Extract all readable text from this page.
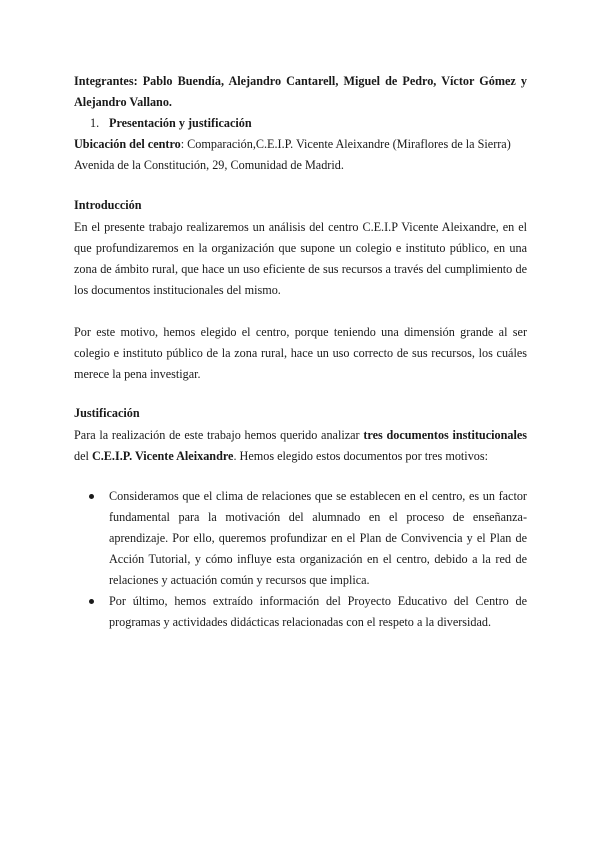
Integrantes: Pablo Buendía, Alejandro Cantarell, Miguel de Pedro, Víctor Gómez y Alejandro Vallano.
1. Presentación y justificación
Ubicación del centro: Comparación,C.E.I.P. Vicente Aleixandre (Miraflores de la Sierra)
Avenida de la Constitución, 29, Comunidad de Madrid.
Introducción
En el presente trabajo realizaremos un análisis del centro C.E.I.P Vicente Aleixandre, en el que profundizaremos en la organización que supone un colegio e instituto público, en una zona de ámbito rural, que hace un uso eficiente de sus recursos a través del cumplimiento de los documentos institucionales del mismo.
Por este motivo, hemos elegido el centro, porque teniendo una dimensión grande al ser colegio e instituto público de la zona rural, hace un uso correcto de sus recursos, los cuáles merece la pena investigar.
Justificación
Para la realización de este trabajo hemos querido analizar tres documentos institucionales del C.E.I.P. Vicente Aleixandre. Hemos elegido estos documentos por tres motivos:
Consideramos que el clima de relaciones que se establecen en el centro, es un factor fundamental para la motivación del alumnado en el proceso de enseñanza-aprendizaje. Por ello, queremos profundizar en el Plan de Convivencia y el Plan de Acción Tutorial, y cómo influye esta organización en el centro, debido a la red de relaciones y actuación común y recursos que implica.
Por último, hemos extraído información del Proyecto Educativo del Centro de programas y actividades didácticas relacionadas con el respeto a la diversidad.
